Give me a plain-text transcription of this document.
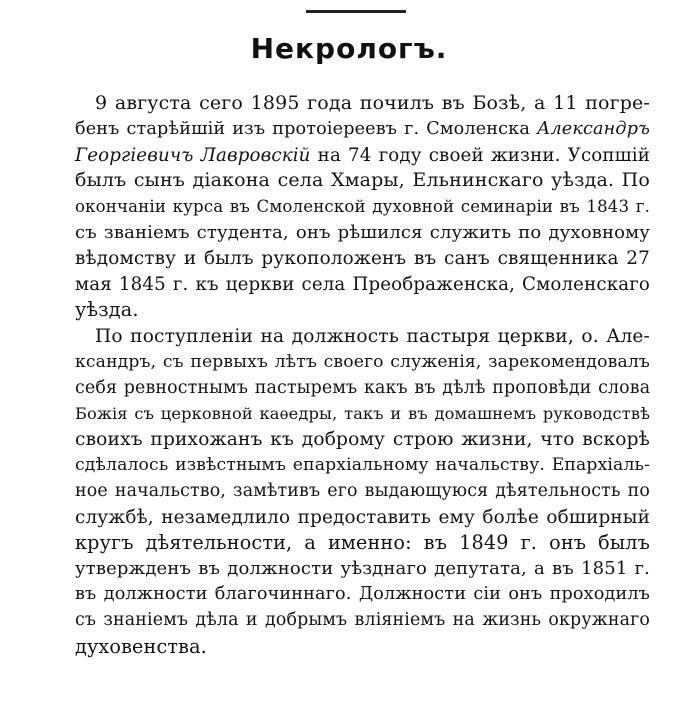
Некрологъ.
9 августа сего 1895 года почилъ въ Бозѣ, а 11 погре-
бенъ старѣйшій изъ протоіереевъ г. Смоленска Александръ
Георгіевичъ Лавровскій на 74 году своей жизни. Усопшій
былъ сынъ діакона села Хмары, Ельнинскаго уѣзда. По
окончаніи курса въ Смоленской духовной семинаріи въ 1843 г.
съ званіемъ студента, онъ рѣшился служить по духовному
вѣдомству и былъ рукоположенъ въ санъ священника 27
мая 1845 г. къ церкви села Преображенска, Смоленскаго
уѣзда.
По поступленіи на должность пастыря церкви, о. Але-
ксандръ, съ первыхъ лѣтъ своего служенія, зарекомендовалъ
себя ревностнымъ пастыремъ какъ въ дѣлѣ проповѣди слова
Божія съ церковной каѳедры, такъ и въ домашнемъ руководствѣ
своихъ прихожанъ къ доброму строю жизни, что вскорѣ
сдѣлалось извѣстнымъ епархіальному начальству. Епархіаль-
ное начальство, замѣтивъ его выдающуюся дѣятельность по
службѣ, незамедлило предоставить ему болѣе обширный
кругъ дѣятельности, а именно: въ 1849 г. онъ былъ
утвержденъ въ должности уѣзднаго депутата, а въ 1851 г.
въ должности благочиннаго. Должности сіи онъ проходилъ
съ знаніемъ дѣла и добрымъ вліяніемъ на жизнь окружнаго
духовенства.
